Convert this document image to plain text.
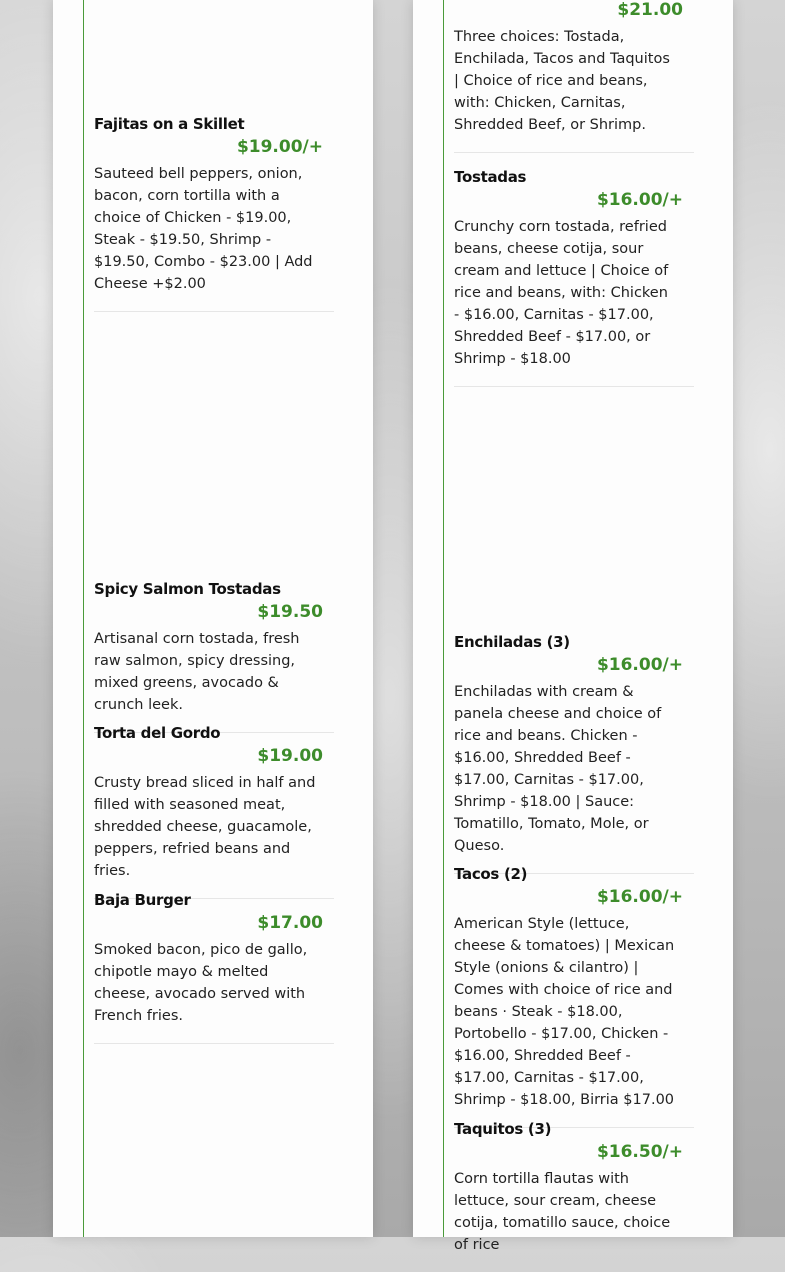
Fajitas on a Skillet
$19.00/+
Sauteed bell peppers, onion, bacon, corn tortilla with a choice of Chicken - $19.00, Steak - $19.50, Shrimp - $19.50, Combo - $23.00 | Add Cheese +$2.00
Spicy Salmon Tostadas
$19.50
Artisanal corn tostada, fresh raw salmon, spicy dressing, mixed greens, avocado & crunch leek.
Torta del Gordo
$19.00
Crusty bread sliced in half and filled with seasoned meat, shredded cheese, guacamole, peppers, refried beans and fries.
Baja Burger
$17.00
Smoked bacon, pico de gallo, chipotle mayo & melted cheese, avocado served with French fries.
$21.00
Three choices: Tostada, Enchilada, Tacos and Taquitos | Choice of rice and beans, with: Chicken, Carnitas, Shredded Beef, or Shrimp.
Tostadas
$16.00/+
Crunchy corn tostada, refried beans, cheese cotija, sour cream and lettuce | Choice of rice and beans, with: Chicken - $16.00, Carnitas - $17.00, Shredded Beef - $17.00, or Shrimp - $18.00
Enchiladas (3)
$16.00/+
Enchiladas with cream & panela cheese and choice of rice and beans. Chicken - $16.00, Shredded Beef - $17.00, Carnitas - $17.00, Shrimp - $18.00 | Sauce: Tomatillo, Tomato, Mole, or Queso.
Tacos (2)
$16.00/+
American Style (lettuce, cheese & tomatoes) | Mexican Style (onions & cilantro) | Comes with choice of rice and beans · Steak - $18.00, Portobello - $17.00, Chicken - $16.00, Shredded Beef - $17.00, Carnitas - $17.00, Shrimp - $18.00, Birria $17.00
Taquitos (3)
$16.50/+
Corn tortilla flautas with lettuce, sour cream, cheese cotija, tomatillo sauce, choice of rice
